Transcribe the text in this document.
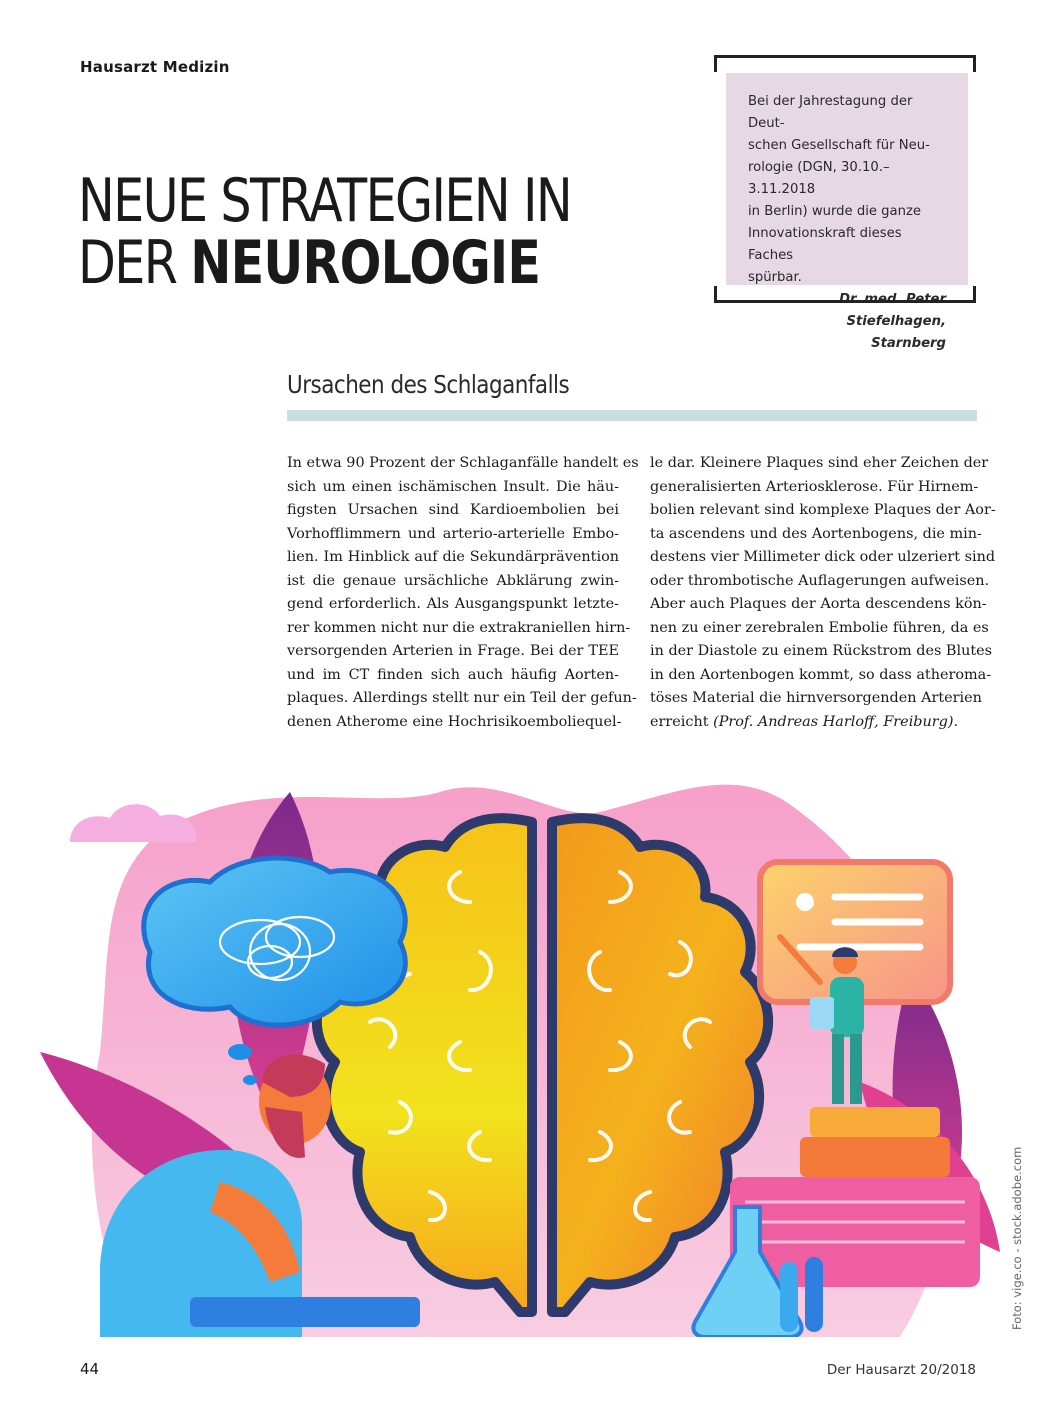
Hausarzt Medizin
NEUE STRATEGIEN IN
DER NEUROLOGIE
Bei der Jahrestagung der Deut-
schen Gesellschaft für Neu-
rologie (DGN, 30.10.–3.11.2018
in Berlin) wurde die ganze
Innovationskraft dieses Faches
spürbar.
Dr. med. Peter Stiefelhagen,
Starnberg
Ursachen des Schlaganfalls
In etwa 90 Prozent der Schlaganfälle handelt es
sich um einen ischämischen Insult. Die häu-
figsten Ursachen sind Kardioembolien bei
Vorhofflimmern und arterio-arterielle Embo-
lien. Im Hinblick auf die Sekundärprävention
ist die genaue ursächliche Abklärung zwin-
gend erforderlich. Als Ausgangspunkt letzte-
rer kommen nicht nur die extrakraniellen hirn-
versorgenden Arterien in Frage. Bei der TEE
und im CT finden sich auch häufig Aorten-
plaques. Allerdings stellt nur ein Teil der gefun-
denen Atherome eine Hochrisikoemboliequel-
le dar. Kleinere Plaques sind eher Zeichen der
generalisierten Arteriosklerose. Für Hirnem-
bolien relevant sind komplexe Plaques der Aor-
ta ascendens und des Aortenbogens, die min-
destens vier Millimeter dick oder ulzeriert sind
oder thrombotische Auflagerungen aufweisen.
Aber auch Plaques der Aorta descendens kön-
nen zu einer zerebralen Embolie führen, da es
in der Diastole zu einem Rückstrom des Blutes
in den Aortenbogen kommt, so dass atheroma-
töses Material die hirnversorgenden Arterien
erreicht (Prof. Andreas Harloff, Freiburg).
Foto: vige.co - stock.adobe.com
44	Der Hausarzt 20/2018
